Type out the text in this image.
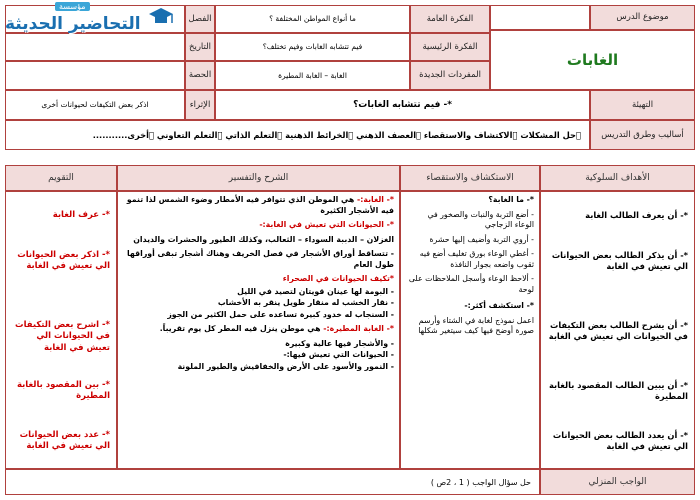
موضوع الدرس
الغابات
الفكرة العامة
ما أنواع المواطن المختلفة ؟
الفكرة الرئيسية
فيم تتشابه الغابات وفيم تختلف؟
المفردات الجديدة
الغابة – الغابة المطيرة
الفصل
التاريخ
الحصة
مؤسسة
التحاضير الحديثة
التهيئة
*- فيم تتشابه الغابات؟
الإثراء
اذكر بعض التكيفات لحيوانات أخرى
أساليب وطرق التدريس
⃝حل المشكلات ⃝الاكتشاف والاستقصاء ⃝العصف الذهني ⃝الخرائط الذهنية ⃝التعلم الذاتي ⃝التعلم التعاوني ⃝أخرى...........
الأهداف السلوكية
الاستكشاف والاستقصاء
الشرح والتفسير
التقويم
*- أن يعرف الطالب الغابة
*- أن يذكر الطالب بعض الحيوانات الي تعيش في الغابة
*- أن يشرح الطالب بعض التكيفات في الحيوانات الي تعيش في الغابة
*- أن يبين الطالب المقصود بالغابة المطيرة
*- أن يعدد الطالب بعض الحيوانات الي تعيش في الغابة

*- ما الغابة؟

- أضع التربة والنبات والصخور في الوعاء الزجاجي

- أروي التربة وأضيف إليها حشرة

- أغطي الوعاء بورق تغليف أضع فيه ثقوب واضعه بجوار النافذة

- ألاحظ الوعاء وأسجل الملاحظات على لوحة

*- استكشف أكثر:-

اعمل نموذج لغابة في الشتاء وأرسم صورة أوضح فيها كيف سيتغير شكلها

*- الغابة:- هي الموطن الذي تتوافر فيه الأمطار وضوء الشمس لذا تنمو فيه الأشجار الكثيرة

*- الحيوانات التي تعيش في الغابة:-

الغزلان – الدببة السوداء – الثعالب، وكذلك الطيور والحشرات والديدان

- تتساقط أوراق الأشجار في فصل الخريف وهناك أشجار تبقى أوراقها طول العام

*تكيف الحيوانات في الصحراء

- البومة لها عينان قويتان لتصيد في الليل

- نقار الخشب له منقار طويل ينقر به الأخشاب

- السنجاب له خدود كبيرة تساعده على حمل الكثير من الجوز

*- الغابة المطيرة:- هي موطن ينزل فيه المطر كل يوم تقريباً.

- والأشجار فيها عالية وكبيرة

- الحيوانات التي تعيش فيها:-

- النمور والأسود على الأرض والخفافيش والطيور الملونة

*- عرف الغابة
*- اذكر بعض الحيوانات الي تعيش في الغابة
*- اشرح بعض التكيفات في الحيوانات الي تعيش في الغابة
*- بين المقصود بالغابة المطيرة
*- عدد بعض الحيوانات الي تعيش في الغابة
الواجب المنزلي
حل سؤال الواجب ( 1 ، 2ص )
